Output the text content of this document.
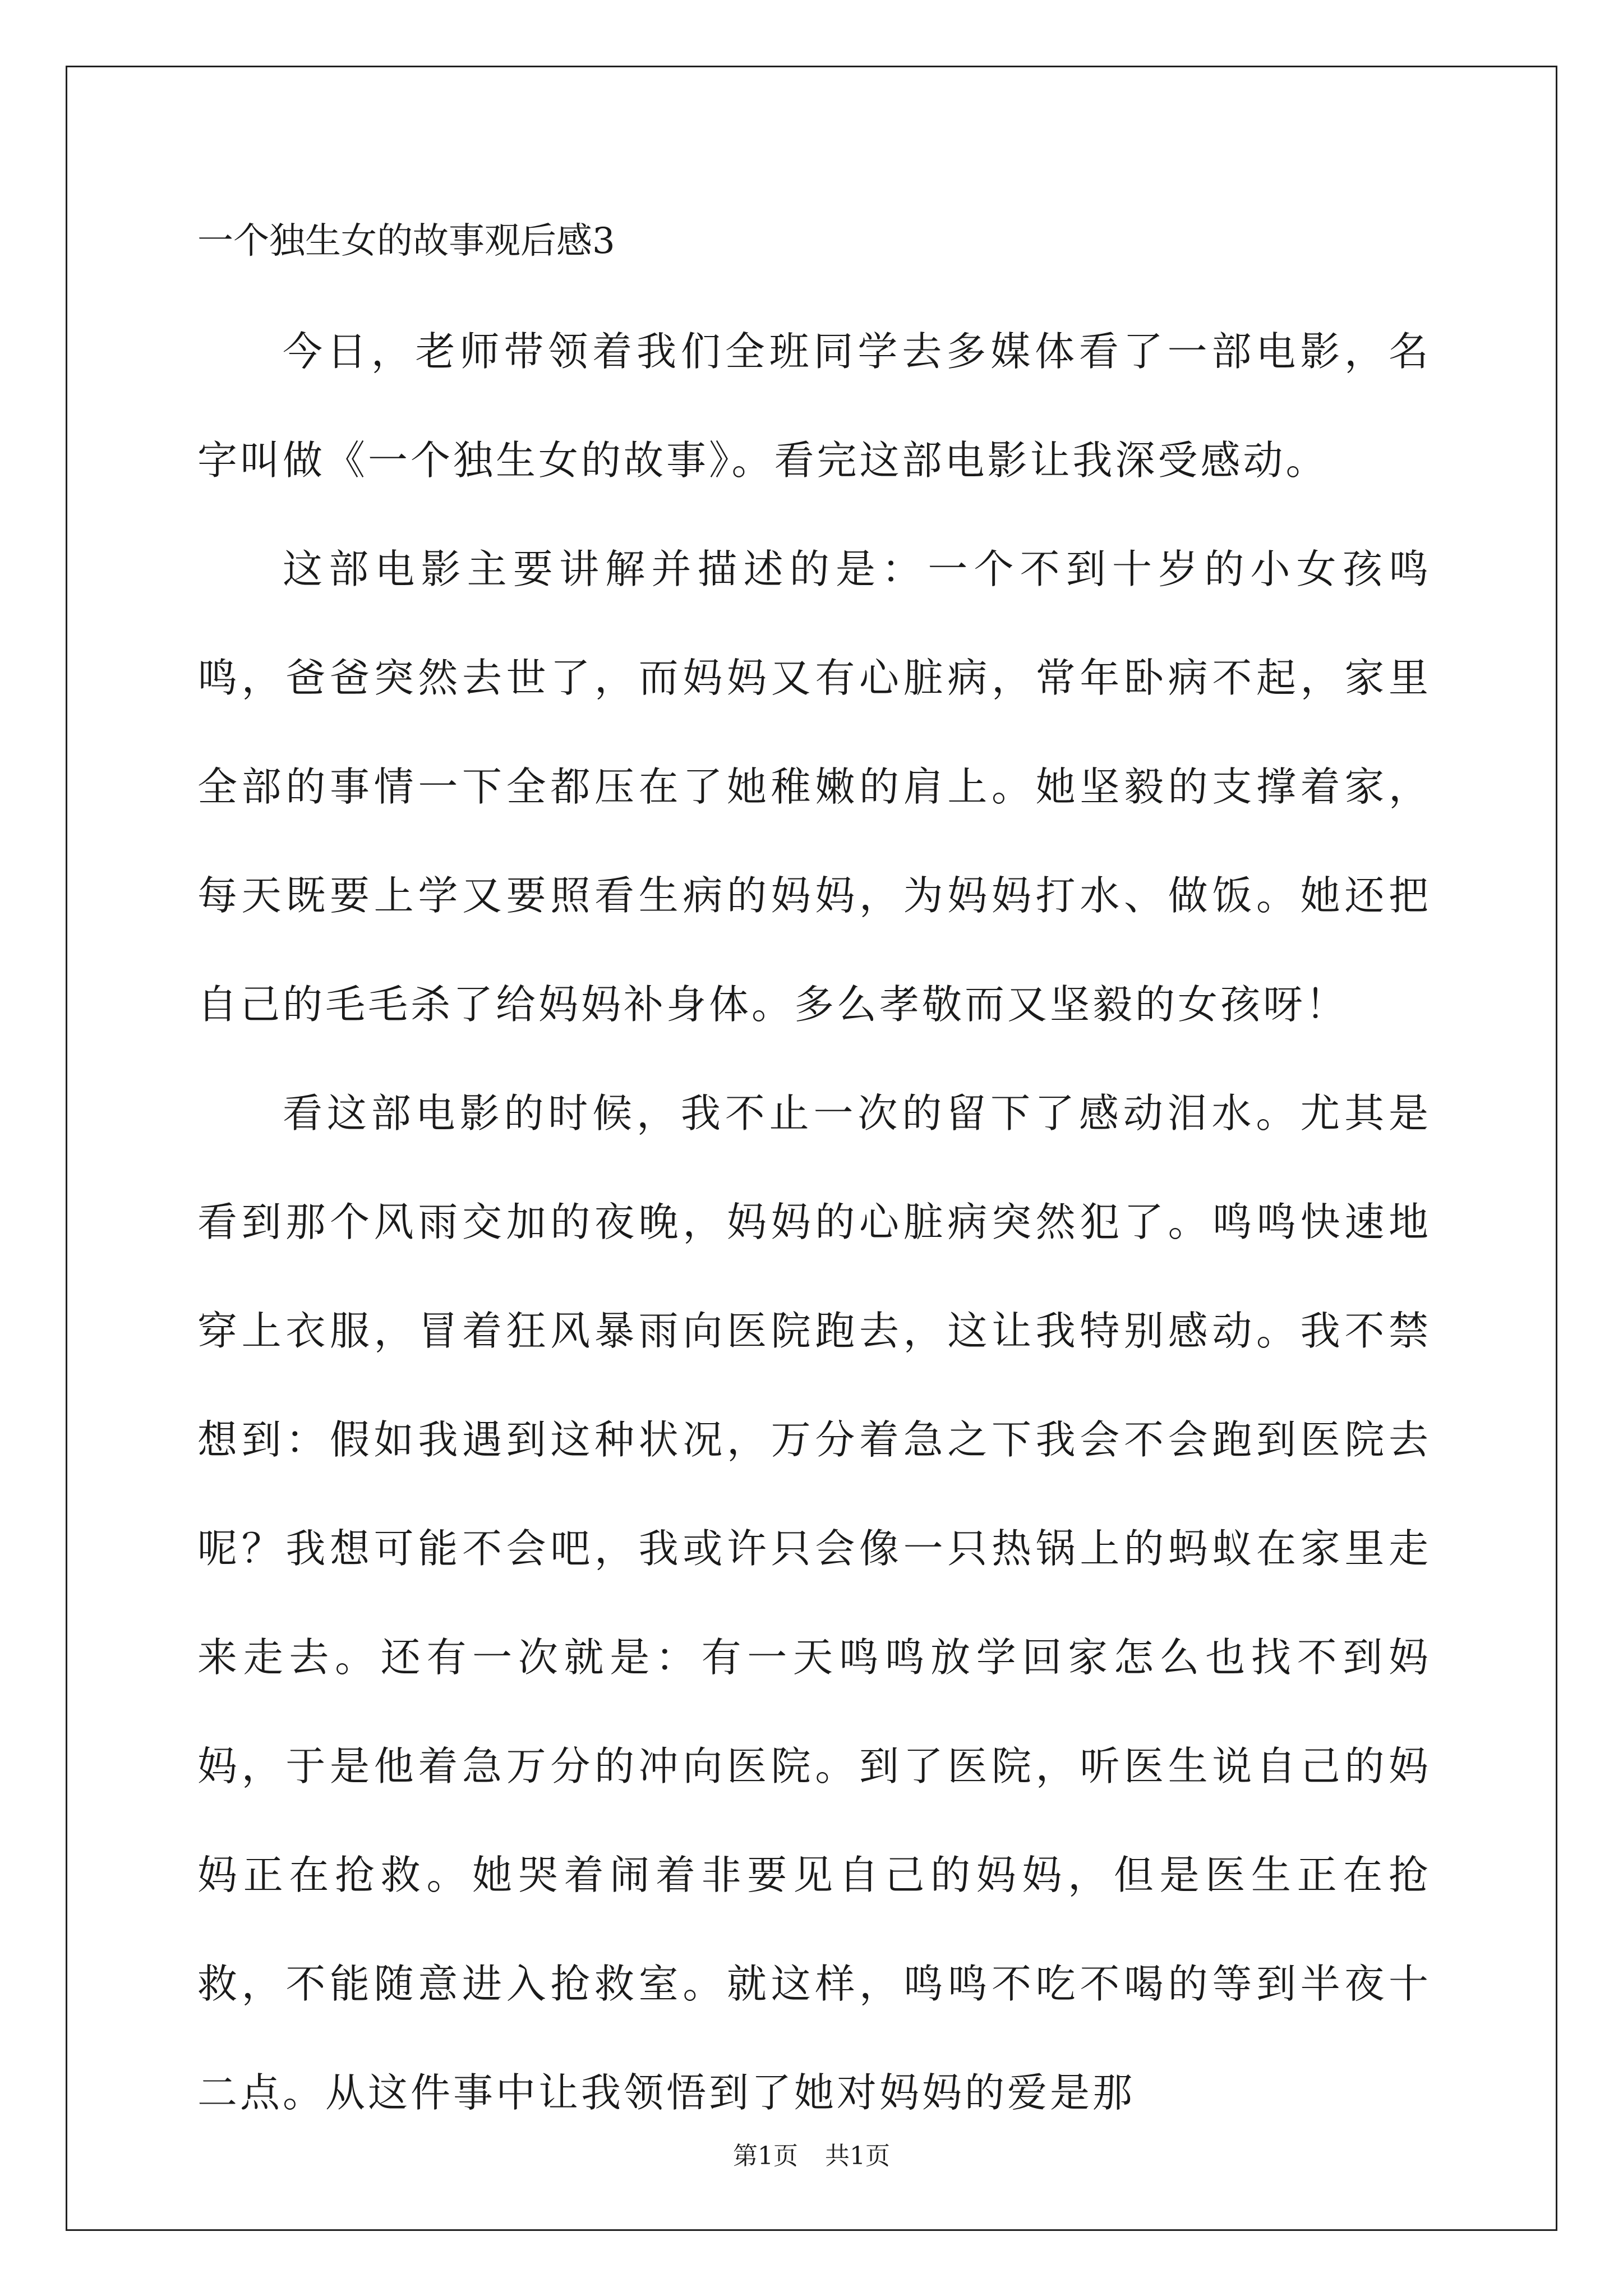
一个独生女的故事观后感3

今日，老师带领着我们全班同学去多媒体看了一部电影，名字叫做《一个独生女的故事》。看完这部电影让我深受感动。

这部电影主要讲解并描述的是：一个不到十岁的小女孩鸣鸣，爸爸突然去世了，而妈妈又有心脏病，常年卧病不起，家里全部的事情一下全都压在了她稚嫩的肩上。她坚毅的支撑着家，每天既要上学又要照看生病的妈妈，为妈妈打水、做饭。她还把自己的毛毛杀了给妈妈补身体。多么孝敬而又坚毅的女孩呀！

看这部电影的时候，我不止一次的留下了感动泪水。尤其是看到那个风雨交加的夜晚，妈妈的心脏病突然犯了。鸣鸣快速地穿上衣服，冒着狂风暴雨向医院跑去，这让我特别感动。我不禁想到：假如我遇到这种状况，万分着急之下我会不会跑到医院去呢？我想可能不会吧，我或许只会像一只热锅上的蚂蚁在家里走来走去。还有一次就是：有一天鸣鸣放学回家怎么也找不到妈妈，于是他着急万分的冲向医院。到了医院，听医生说自己的妈妈正在抢救。她哭着闹着非要见自己的妈妈，但是医生正在抢救，不能随意进入抢救室。就这样，鸣鸣不吃不喝的等到半夜十二点。从这件事中让我领悟到了她对妈妈的爱是那

第1页 共1页
